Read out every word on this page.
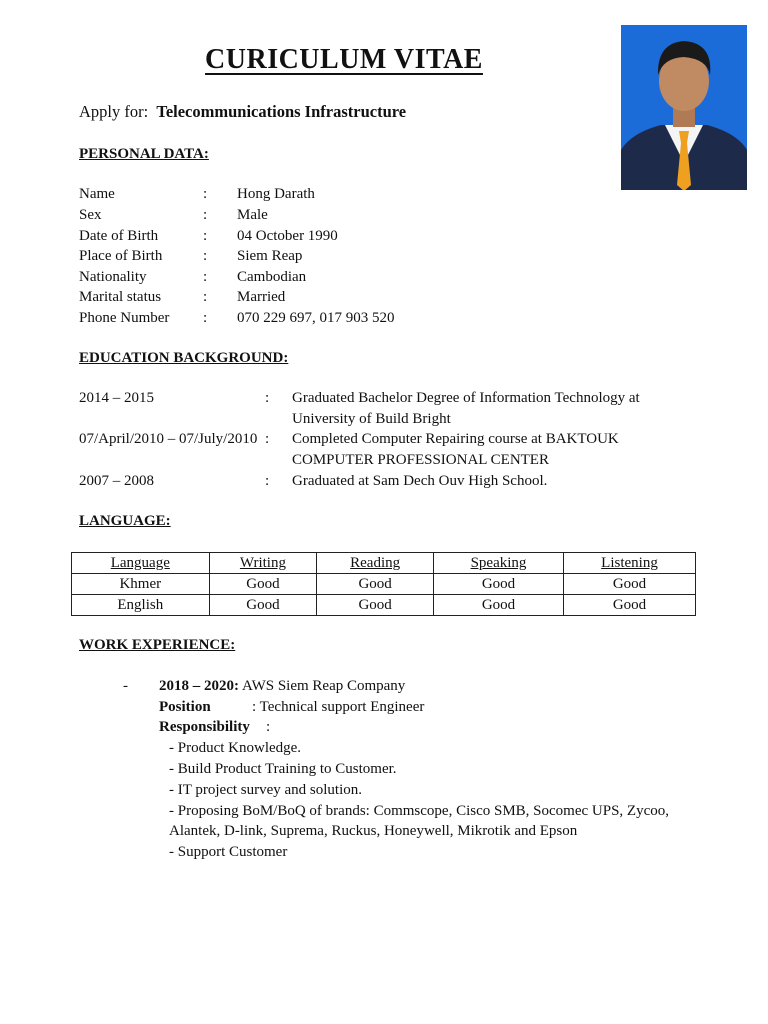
CURICULUM VITAE
Apply for: Telecommunications Infrastructure
PERSONAL DATA:
Name	: Hong Darath
Sex	: Male
Date of Birth	: 04 October 1990
Place of Birth	: Siem Reap
Nationality	: Cambodian
Marital status	: Married
Phone Number : 070 229 697, 017 903 520
EDUCATION BACKGROUND:
2014 – 2015	: Graduated Bachelor Degree of Information Technology at University of Build Bright
07/April/2010 – 07/July/2010 : Completed Computer Repairing course at BAKTOUK COMPUTER PROFESSIONAL CENTER
2007 – 2008	: Graduated at Sam Dech Ouv High School.
LANGUAGE:
Language	Writing	Reading	Speaking	Listening
Khmer	Good	Good	Good	Good
English	Good	Good	Good	Good
WORK EXPERIENCE:
- 2018 – 2020: AWS Siem Reap Company
Position	: Technical support Engineer
Responsibility :
- Product Knowledge.
- Build Product Training to Customer.
- IT project survey and solution.
- Proposing BoM/BoQ of brands: Commscope, Cisco SMB, Socomec UPS, Zycoo,
Alantek, D-link, Suprema, Ruckus, Honeywell, Mikrotik and Epson
- Support Customer
